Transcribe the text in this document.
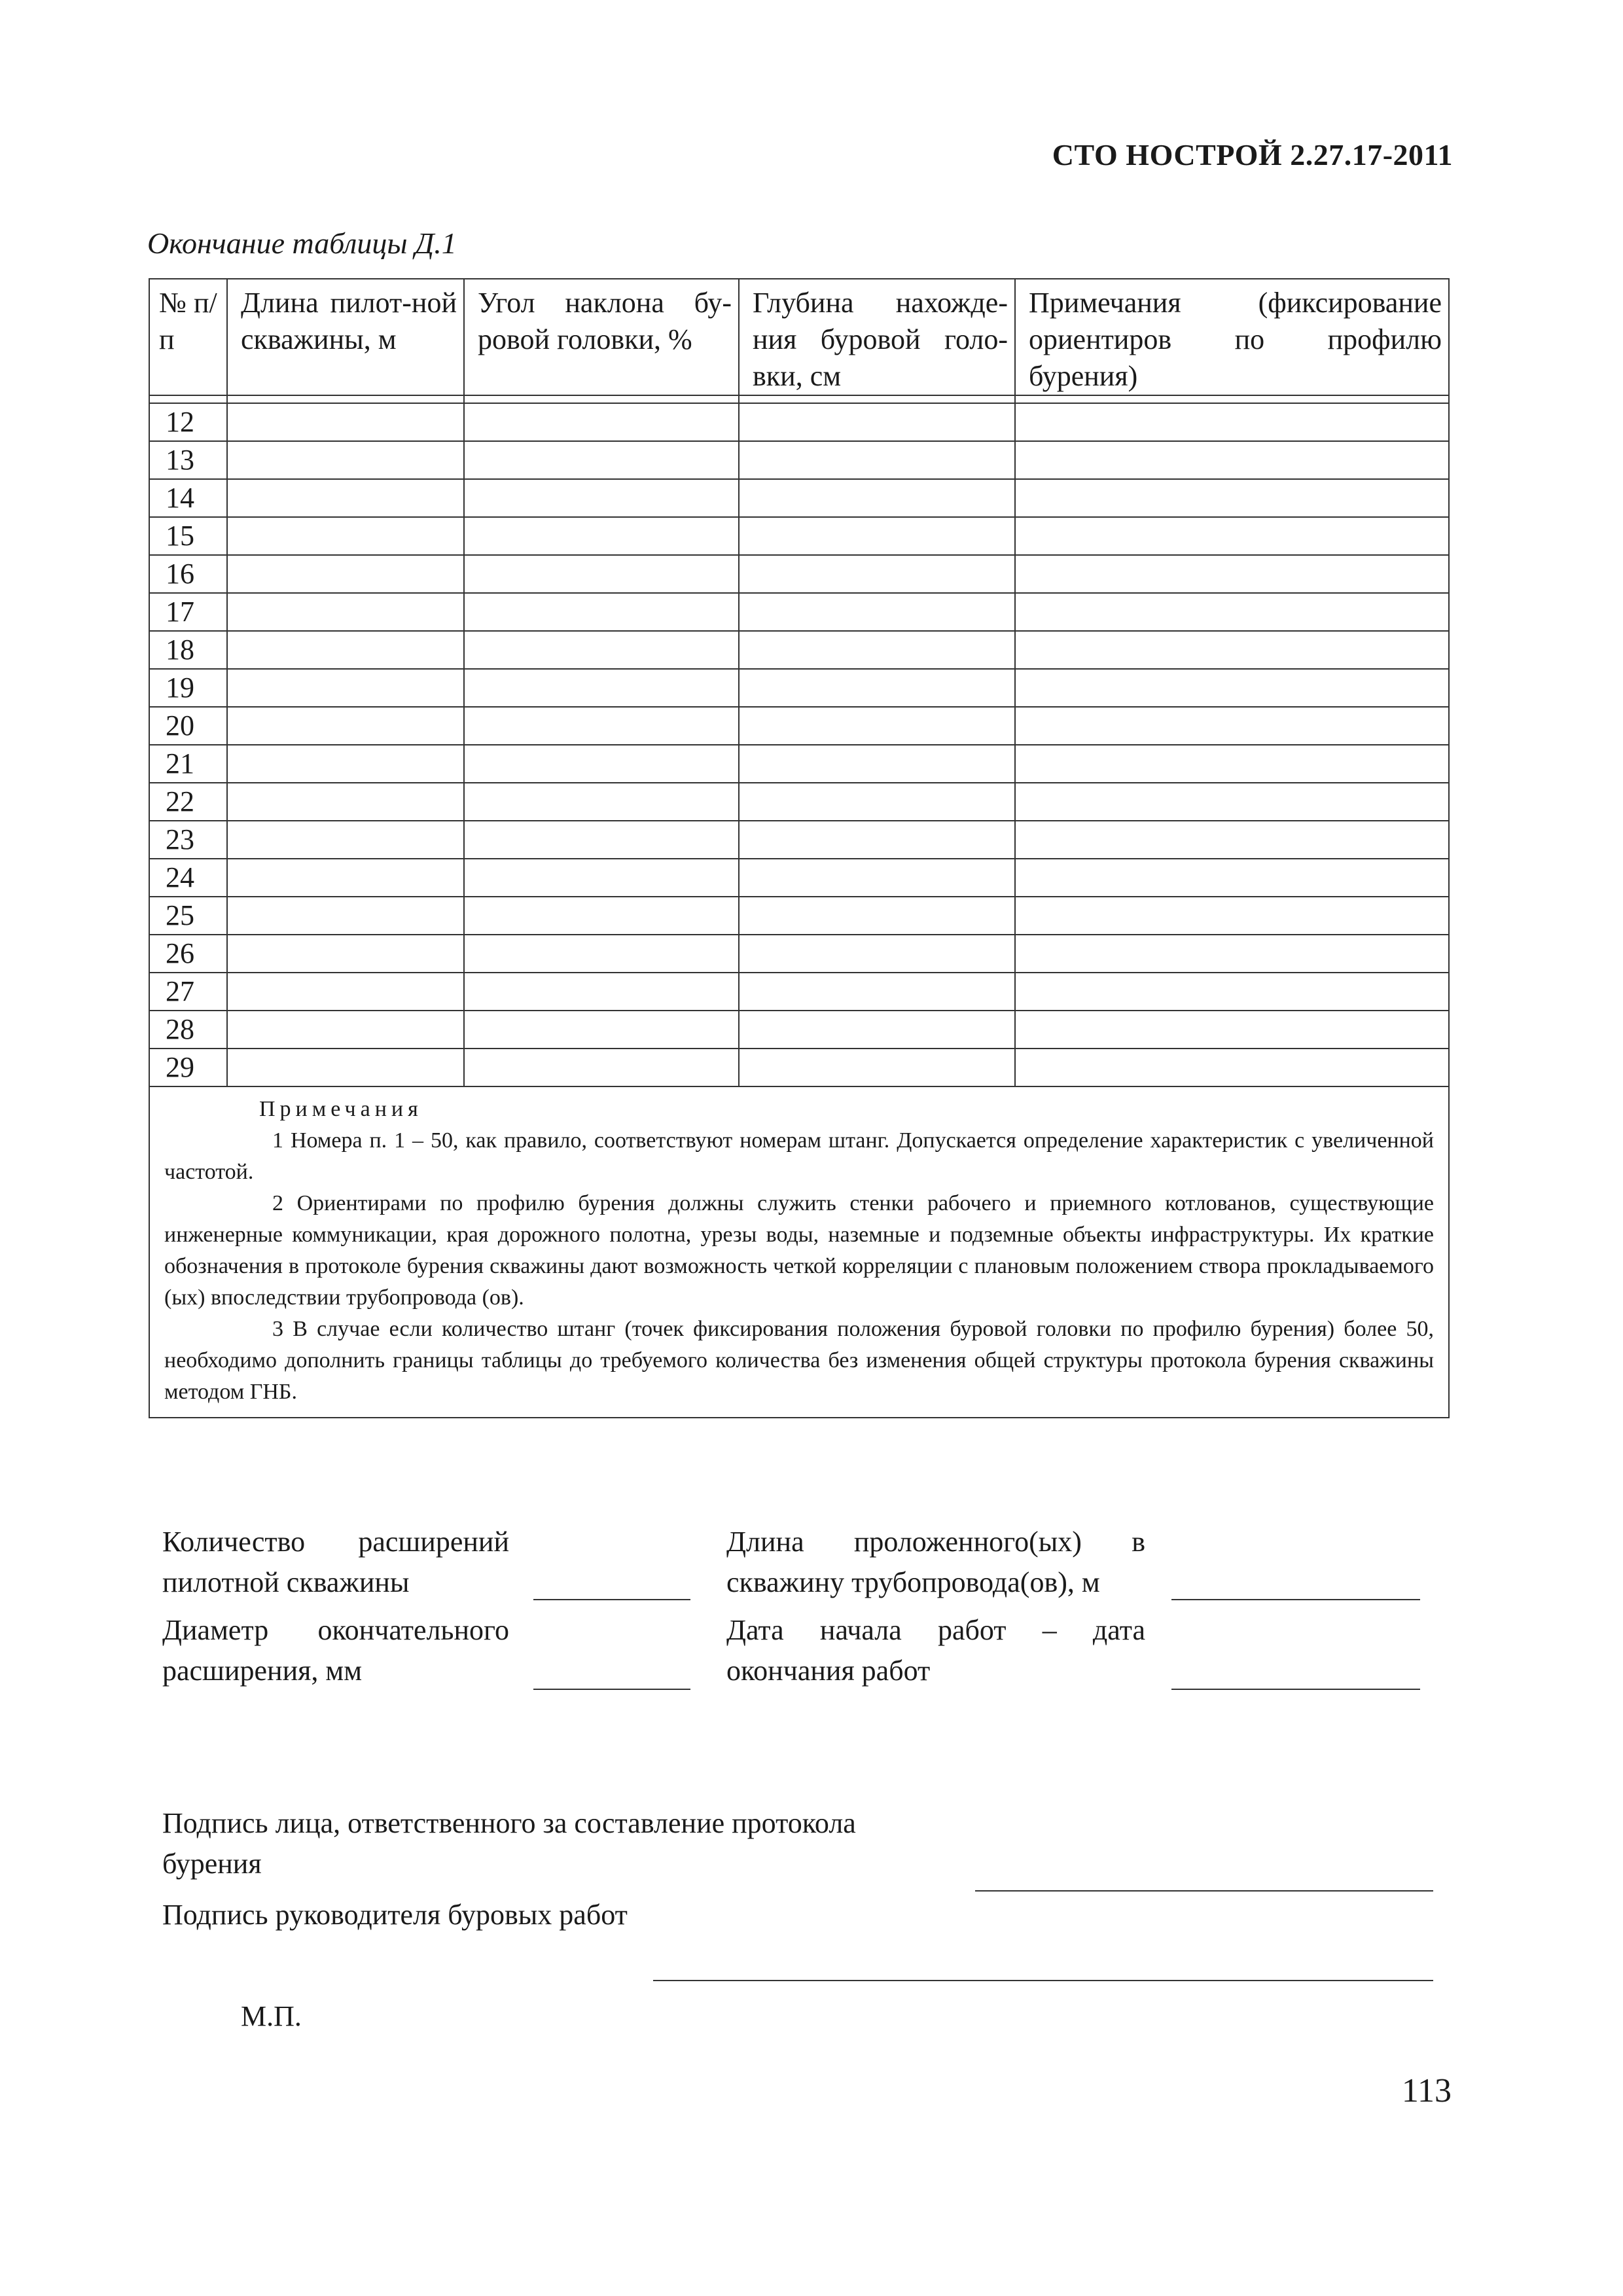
СТО НОСТРОЙ 2.27.17-2011
Окончание таблицы Д.1
№ п/п	Длина пилот-ной скважины, м	Угол наклона бу-ровой головки, %	Глубина нахожде-ния буровой голо-вки, см	Примечания (фиксирование ориентиров по профилю бурения)

12				
13				
14				
15				
16				
17				
18				
19				
20				
21				
22				
23				
24				
25				
26				
27				
28				
29				

Примечания
1 Номера п. 1 – 50, как правило, соответствуют номерам штанг. Допускается определение характеристик с увеличенной частотой.
2 Ориентирами по профилю бурения должны служить стенки рабочего и приемного котлованов, существующие инженерные коммуникации, края дорожного полотна, урезы воды, наземные и подземные объекты инфраструктуры. Их краткие обозначения в протоколе бурения скважины дают возможность четкой корреляции с плановым положением створа прокладываемого (ых) впоследствии трубопровода (ов).
3 В случае если количество штанг (точек фиксирования положения буровой головки по профилю бурения) более 50, необходимо дополнить границы таблицы до требуемого количества без изменения общей структуры протокола бурения скважины методом ГНБ.				
Количество расширений пилотной скважины
Диаметр окончательного расширения, мм
Длина проложенного(ых) в скважину трубопровода(ов), м
Дата начала работ – дата окончания работ
Подпись лица, ответственного за составление протокола бурения
Подпись руководителя буровых работ
М.П.
113
